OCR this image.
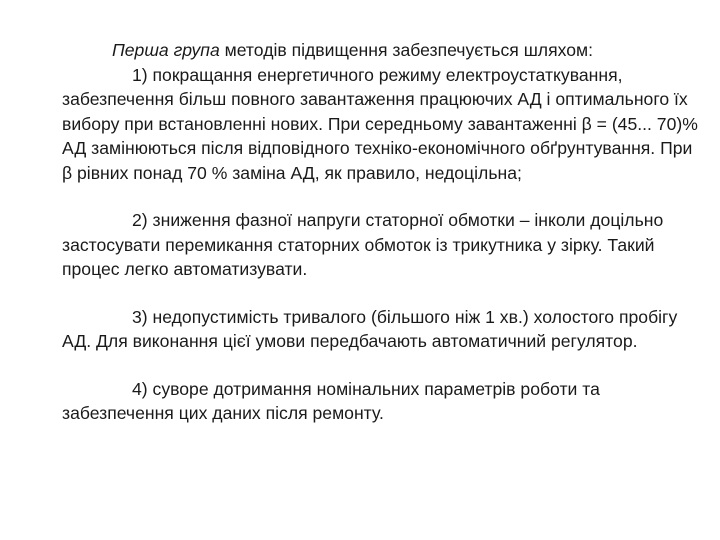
Перша група методів підвищення забезпечується шляхом:

1) покращання енергетичного режиму електроустаткування, забезпечення більш повного завантаження працюючих АД і оптимального їх вибору при встановленні нових. При середньому завантаженні β = (45... 70)% АД замінюються після відповідного техніко-економічного обґрунтування. При β рівних понад 70 % заміна АД, як правило, недоцільна;

2) зниження фазної напруги статорної обмотки – інколи доцільно застосувати перемикання статорних обмоток із трикутника у зірку. Такий процес легко автоматизувати.

3) недопустимість тривалого (більшого ніж 1 хв.) холостого пробігу АД. Для виконання цієї умови передбачають автоматичний регулятор.

4) суворе дотримання номінальних параметрів роботи та забезпечення цих даних після ремонту.
